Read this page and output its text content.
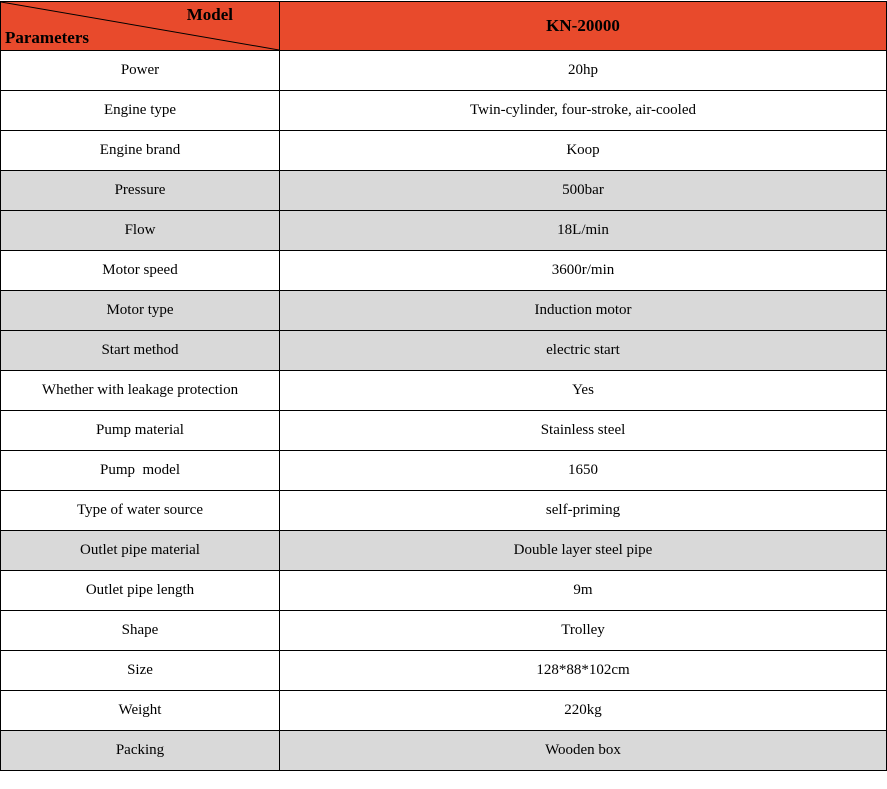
Model
Parameters	KN-20000
Power	20hp
Engine type	Twin-cylinder, four-stroke, air-cooled
Engine brand	Koop
Pressure	500bar
Flow	18L/min
Motor speed	3600r/min
Motor type	Induction motor
Start method	electric start
Whether with leakage protection	Yes
Pump material	Stainless steel
Pump  model	1650
Type of water source	self-priming
Outlet pipe material	Double layer steel pipe
Outlet pipe length	9m
Shape	Trolley
Size	128*88*102cm
Weight	220kg
Packing	Wooden box
